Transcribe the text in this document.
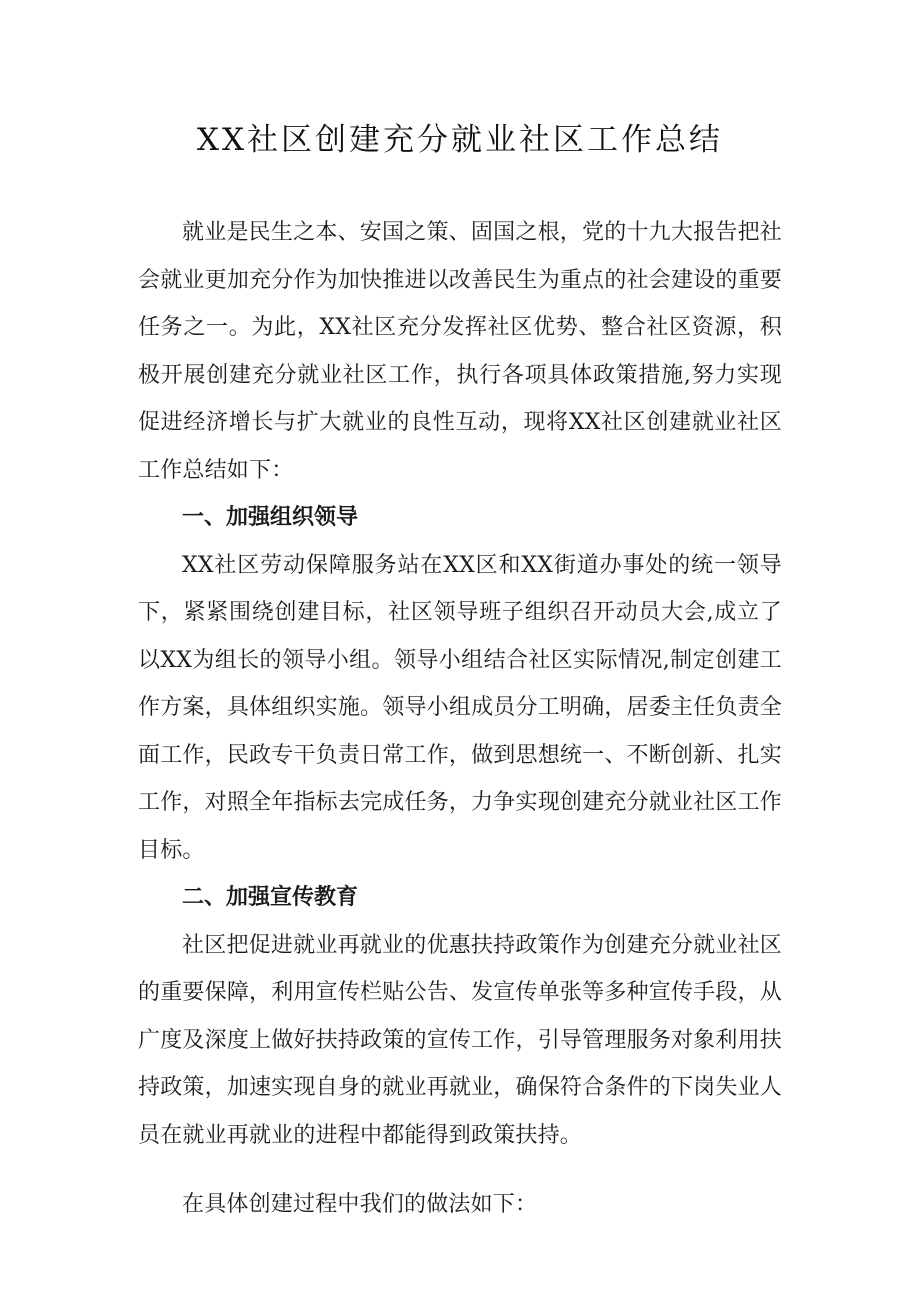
XX社区创建充分就业社区工作总结

就业是民生之本、安国之策、固国之根，党的十九大报告把社会就业更加充分作为加快推进以改善民生为重点的社会建设的重要任务之一。为此，XX社区充分发挥社区优势、整合社区资源，积极开展创建充分就业社区工作，执行各项具体政策措施,努力实现促进经济增长与扩大就业的良性互动，现将XX社区创建就业社区工作总结如下：

一、加强组织领导

XX社区劳动保障服务站在XX区和XX街道办事处的统一领导下，紧紧围绕创建目标，社区领导班子组织召开动员大会,成立了以XX为组长的领导小组。领导小组结合社区实际情况,制定创建工作方案，具体组织实施。领导小组成员分工明确，居委主任负责全面工作，民政专干负责日常工作，做到思想统一、不断创新、扎实工作，对照全年指标去完成任务，力争实现创建充分就业社区工作目标。

二、加强宣传教育

社区把促进就业再就业的优惠扶持政策作为创建充分就业社区的重要保障，利用宣传栏贴公告、发宣传单张等多种宣传手段，从广度及深度上做好扶持政策的宣传工作，引导管理服务对象利用扶持政策，加速实现自身的就业再就业，确保符合条件的下岗失业人员在就业再就业的进程中都能得到政策扶持。

在具体创建过程中我们的做法如下：
